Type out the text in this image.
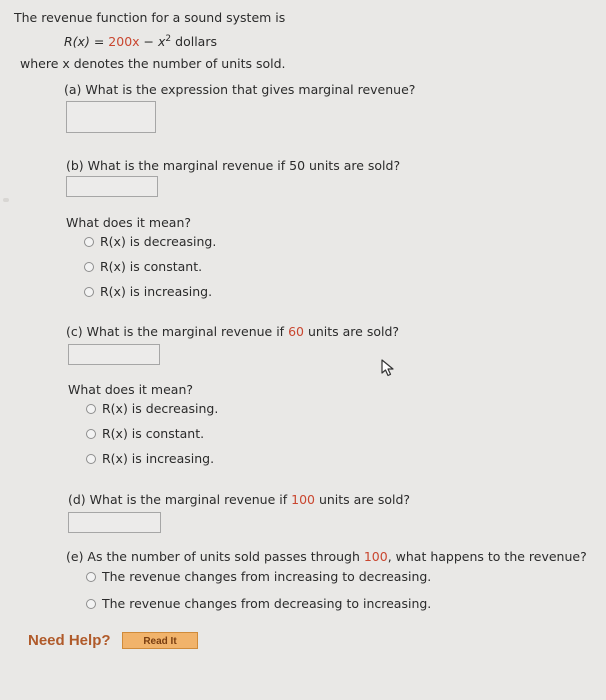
The revenue function for a sound system is
$R(x) = 200x - x^2$ dollars
where x denotes the number of units sold.
(a) What is the expression that gives marginal revenue?
(b) What is the marginal revenue if 50 units are sold?
What does it mean?
R(x) is decreasing.
R(x) is constant.
R(x) is increasing.
(c) What is the marginal revenue if 60 units are sold?
What does it mean?
R(x) is decreasing.
R(x) is constant.
R(x) is increasing.
(d) What is the marginal revenue if 100 units are sold?
(e) As the number of units sold passes through 100, what happens to the revenue?
The revenue changes from increasing to decreasing.
The revenue changes from decreasing to increasing.
Need Help?	Read It
